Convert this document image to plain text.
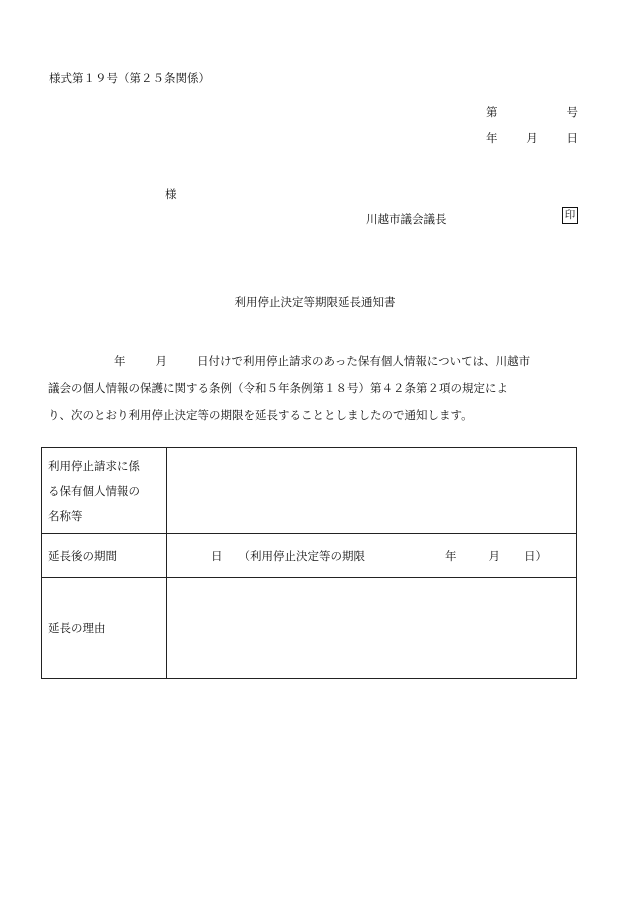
様式第１９号（第２５条関係）
第	号
年	月	日
様
川越市議会議長	印
利用停止決定等期限延長通知書

年	月	日付けで利用停止請求のあった保有個人情報については、川越市

議会の個人情報の保護に関する条例（令和５年条例第１８号）第４２条第２項の規定によ

り、次のとおり利用停止決定等の期限を延長することとしましたので通知します。

利用停止請求に係
る保有個人情報の
名称等	

延長後の期間	日 （利用停止決定等の期限 年 月 日）

延長の理由	
